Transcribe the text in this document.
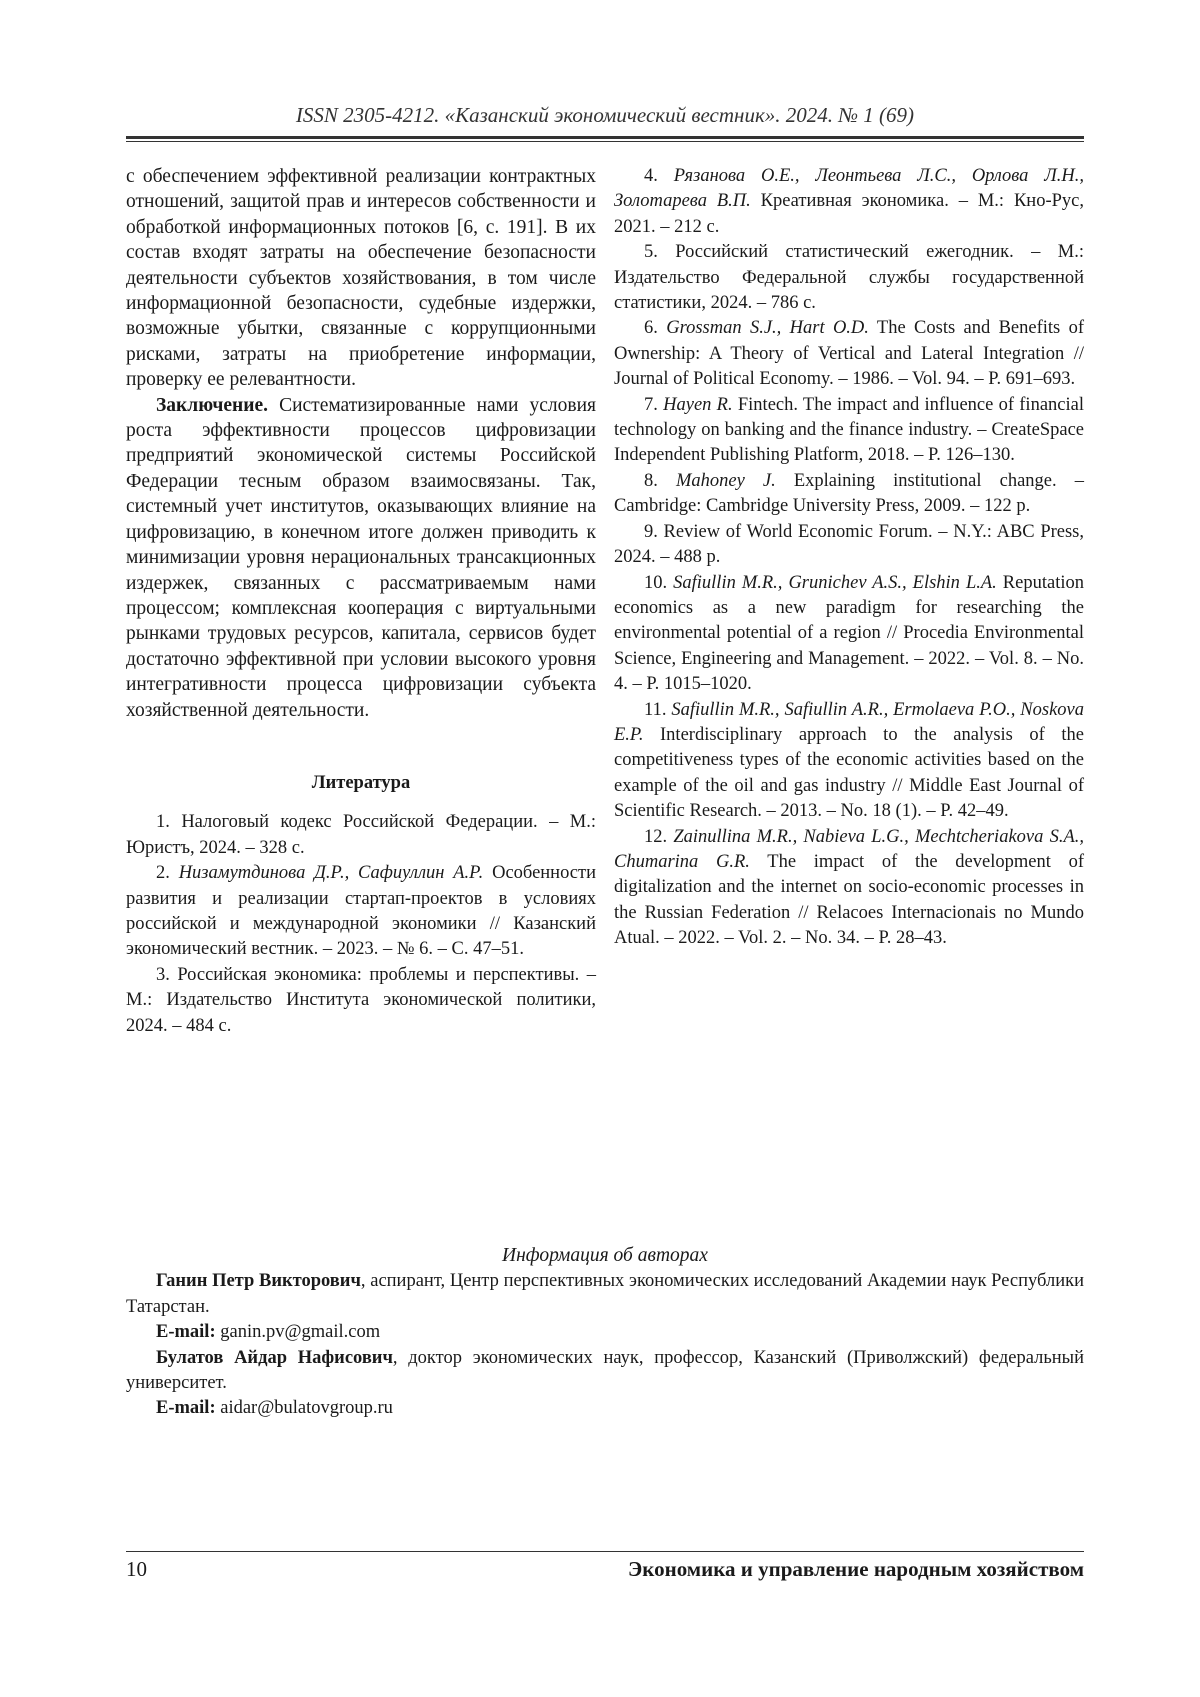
ISSN 2305-4212. «Казанский экономический вестник». 2024. № 1 (69)

с обеспечением эффективной реализации контрактных отношений, защитой прав и интересов собственности и обработкой информационных потоков [6, с. 191]. В их состав входят затраты на обеспечение безопасности деятельности субъектов хозяйствования, в том числе информационной безопасности, судебные издержки, возможные убытки, связанные с коррупционными рисками, затраты на приобретение информации, проверку ее релевантности.

Заключение. Систематизированные нами условия роста эффективности процессов цифровизации предприятий экономической системы Российской Федерации тесным образом взаимосвязаны. Так, системный учет институтов, оказывающих влияние на цифровизацию, в конечном итоге должен приводить к минимизации уровня нерациональных трансакционных издержек, связанных с рассматриваемым нами процессом; комплексная кооперация с виртуальными рынками трудовых ресурсов, капитала, сервисов будет достаточно эффективной при условии высокого уровня интегративности процесса цифровизации субъекта хозяйственной деятельности.

Литература

1. Налоговый кодекс Российской Федерации. – М.: Юристъ, 2024. – 328 с.

2. Низамутдинова Д.Р., Сафиуллин А.Р. Особенности развития и реализации стартап-проектов в условиях российской и международной экономики // Казанский экономический вестник. – 2023. – № 6. – С. 47–51.

3. Российская экономика: проблемы и перспективы. – М.: Издательство Института экономической политики, 2024. – 484 с.

4. Рязанова О.Е., Леонтьева Л.С., Орлова Л.Н., Золотарева В.П. Креативная экономика. – М.: Кно-Рус, 2021. – 212 с.

5. Российский статистический ежегодник. – М.: Издательство Федеральной службы государственной статистики, 2024. – 786 с.

6. Grossman S.J., Hart O.D. The Costs and Benefits of Ownership: A Theory of Vertical and Lateral Integration // Journal of Political Economy. – 1986. – Vol. 94. – P. 691–693.

7. Hayen R. Fintech. The impact and influence of financial technology on banking and the finance industry. – CreateSpace Independent Publishing Platform, 2018. – P. 126–130.

8. Mahoney J. Explaining institutional change. – Cambridge: Cambridge University Press, 2009. – 122 p.

9. Review of World Economic Forum. – N.Y.: ABC Press, 2024. – 488 p.

10. Safiullin M.R., Grunichev A.S., Elshin L.A. Reputation economics as a new paradigm for researching the environmental potential of a region // Procedia Environmental Science, Engineering and Management. – 2022. – Vol. 8. – No. 4. – P. 1015–1020.

11. Safiullin M.R., Safiullin A.R., Ermolaeva P.O., Noskova E.P. Interdisciplinary approach to the analysis of the competitiveness types of the economic activities based on the example of the oil and gas industry // Middle East Journal of Scientific Research. – 2013. – No. 18 (1). – P. 42–49.

12. Zainullina M.R., Nabieva L.G., Mechtcheriakova S.A., Chumarina G.R. The impact of the development of digitalization and the internet on socio-economic processes in the Russian Federation // Relacoes Internacionais no Mundo Atual. – 2022. – Vol. 2. – No. 34. – P. 28–43.

Информация об авторах

Ганин Петр Викторович, аспирант, Центр перспективных экономических исследований Академии наук Республики Татарстан.

E-mail: ganin.pv@gmail.com

Булатов Айдар Нафисович, доктор экономических наук, профессор, Казанский (Приволжский) федеральный университет.

E-mail: aidar@bulatovgroup.ru

10	Экономика и управление народным хозяйством
